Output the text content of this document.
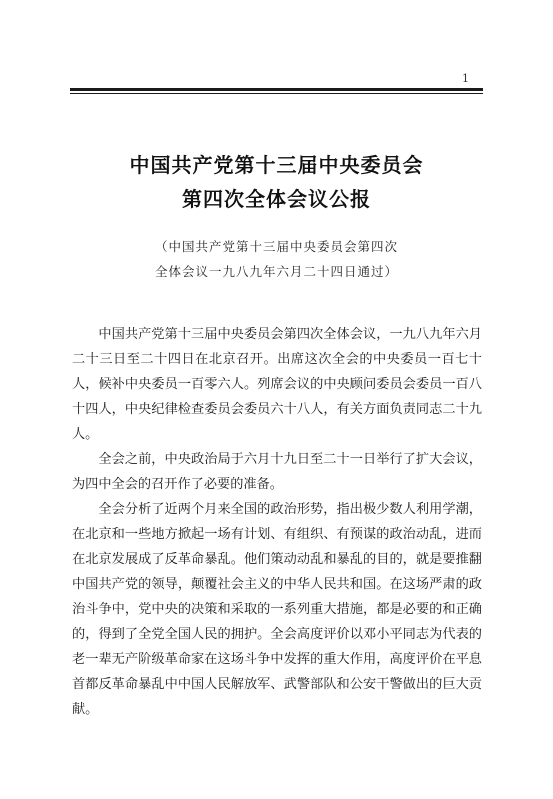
1
中国共产党第十三届中央委员会
第四次全体会议公报
（中国共产党第十三届中央委员会第四次
全体会议一九八九年六月二十四日通过）

中国共产党第十三届中央委员会第四次全体会议，一九八九年六月二十三日至二十四日在北京召开。出席这次全会的中央委员一百七十人，候补中央委员一百零六人。列席会议的中央顾问委员会委员一百八十四人，中央纪律检查委员会委员六十八人，有关方面负责同志二十九人。

全会之前，中央政治局于六月十九日至二十一日举行了扩大会议，为四中全会的召开作了必要的准备。

全会分析了近两个月来全国的政治形势，指出极少数人利用学潮，在北京和一些地方掀起一场有计划、有组织、有预谋的政治动乱，进而在北京发展成了反革命暴乱。他们策动动乱和暴乱的目的，就是要推翻中国共产党的领导，颠覆社会主义的中华人民共和国。在这场严肃的政治斗争中，党中央的决策和采取的一系列重大措施，都是必要的和正确的，得到了全党全国人民的拥护。全会高度评价以邓小平同志为代表的老一辈无产阶级革命家在这场斗争中发挥的重大作用，高度评价在平息首都反革命暴乱中中国人民解放军、武警部队和公安干警做出的巨大贡献。
